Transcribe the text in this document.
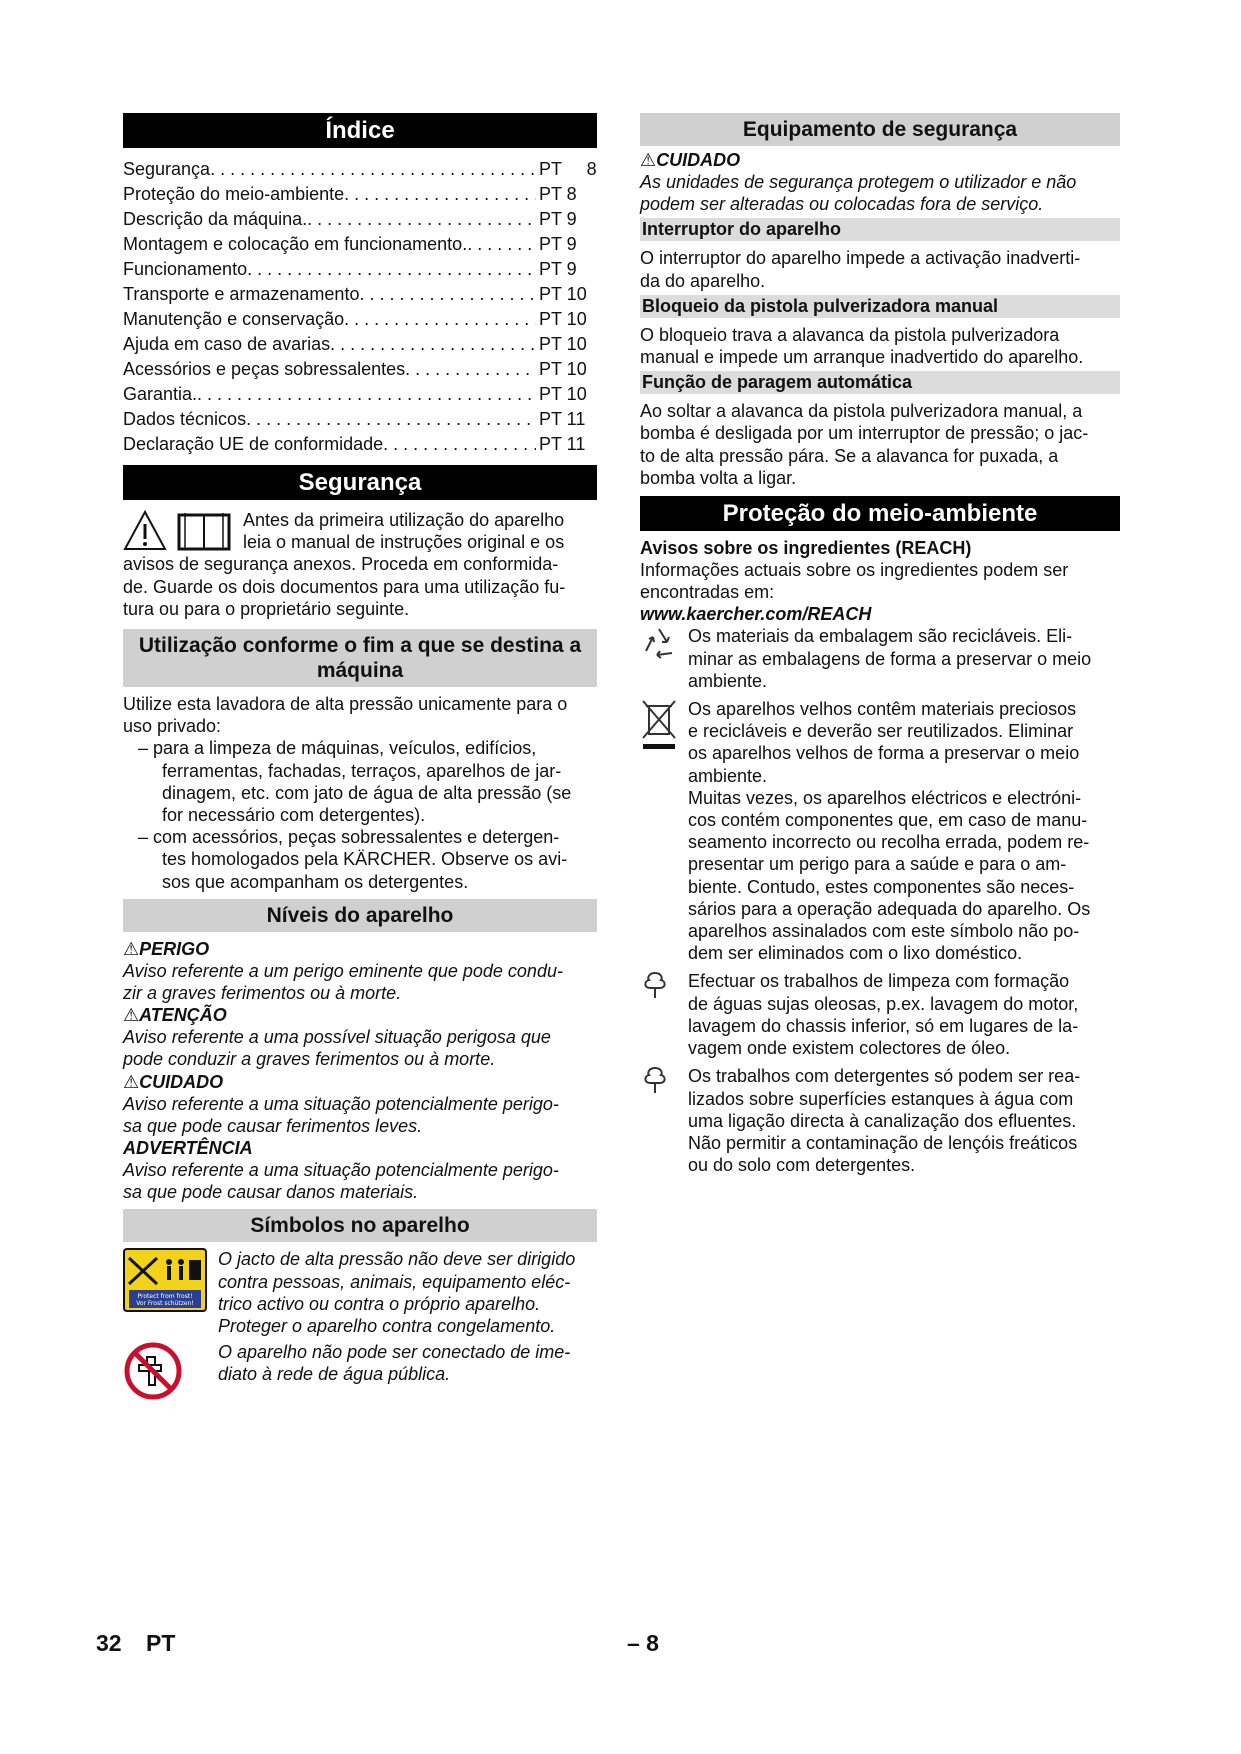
Índice
Segurança . . .	PT     8
Proteção do meio-ambiente . . .	PT 8
Descrição da máquina. . . .	PT 9
Montagem e colocação em funcionamento. . . .	PT 9
Funcionamento . . .	PT 9
Transporte e armazenamento . . .	PT 10
Manutenção e conservação . . .	PT 10
Ajuda em caso de avarias . . .	PT 10
Acessórios e peças sobressalentes . . .	PT 10
Garantia. . . .	PT 10
Dados técnicos . . .	PT 11
Declaração UE de conformidade . . .	PT 11
Segurança

Antes da primeira utilização do aparelho

leia o manual de instruções original e os

avisos de segurança anexos. Proceda em conformida-

de. Guarde os dois documentos para uma utilização fu-

tura ou para o proprietário seguinte.

Utilização conforme o fim a que se destina a
máquina

Utilize esta lavadora de alta pressão unicamente para o

uso privado:

– para a limpeza de máquinas, veículos, edifícios,

ferramentas, fachadas, terraços, aparelhos de jar-

dinagem, etc. com jato de água de alta pressão (se

for necessário com detergentes).

– com acessórios, peças sobressalentes e detergen-

tes homologados pela KÄRCHER. Observe os avi-

sos que acompanham os detergentes.

Níveis do aparelho
⚠PERIGO

Aviso referente a um perigo eminente que pode condu-

zir a graves ferimentos ou à morte.

⚠ATENÇÃO

Aviso referente a uma possível situação perigosa que

pode conduzir a graves ferimentos ou à morte.

⚠CUIDADO

Aviso referente a uma situação potencialmente perigo-

sa que pode causar ferimentos leves.

ADVERTÊNCIA

Aviso referente a uma situação potencialmente perigo-

sa que pode causar danos materiais.

Símbolos no aparelho
Protect from frost!
Vor Frost schützen!

O jacto de alta pressão não deve ser dirigido

contra pessoas, animais, equipamento eléc-

trico activo ou contra o próprio aparelho.

Proteger o aparelho contra congelamento.

O aparelho não pode ser conectado de ime-

diato à rede de água pública.

Equipamento de segurança
⚠CUIDADO

As unidades de segurança protegem o utilizador e não

podem ser alteradas ou colocadas fora de serviço.

Interruptor do aparelho

O interruptor do aparelho impede a activação inadverti-

da do aparelho.

Bloqueio da pistola pulverizadora manual

O bloqueio trava a alavanca da pistola pulverizadora

manual e impede um arranque inadvertido do aparelho.

Função de paragem automática

Ao soltar a alavanca da pistola pulverizadora manual, a

bomba é desligada por um interruptor de pressão; o jac-

to de alta pressão pára. Se a alavanca for puxada, a

bomba volta a ligar.

Proteção do meio-ambiente
Avisos sobre os ingredientes (REACH)

Informações actuais sobre os ingredientes podem ser

encontradas em:

www.kaercher.com/REACH

Os materiais da embalagem são recicláveis. Eli-

minar as embalagens de forma a preservar o meio

ambiente.

Os aparelhos velhos contêm materiais preciosos

e recicláveis e deverão ser reutilizados. Eliminar

os aparelhos velhos de forma a preservar o meio

ambiente.

Muitas vezes, os aparelhos eléctricos e electróni-

cos contém componentes que, em caso de manu-

seamento incorrecto ou recolha errada, podem re-

presentar um perigo para a saúde e para o am-

biente. Contudo, estes componentes são neces-

sários para a operação adequada do aparelho. Os

aparelhos assinalados com este símbolo não po-

dem ser eliminados com o lixo doméstico.

Efectuar os trabalhos de limpeza com formação

de águas sujas oleosas, p.ex. lavagem do motor,

lavagem do chassis inferior, só em lugares de la-

vagem onde existem colectores de óleo.

Os trabalhos com detergentes só podem ser rea-

lizados sobre superfícies estanques à água com

uma ligação directa à canalização dos efluentes.

Não permitir a contaminação de lençóis freáticos

ou do solo com detergentes.

32 PT	– 8
